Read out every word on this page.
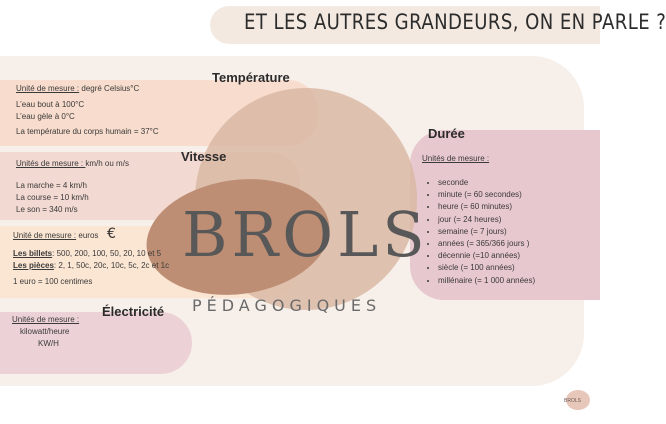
ET LES AUTRES GRANDEURS, ON EN PARLE ?
BROLS
PÉDAGOGIQUES
Température
Unité de mesure : degré Celsius°C
L’eau bout à 100°C
L’eau gèle à 0°C
La température du corps humain = 37°C
Vitesse
Unités de mesure : km/h ou m/s
La marche = 4 km/h
La course = 10 km/h
Le son = 340 m/s
Unité de mesure : euros €
Les billets: 500, 200, 100, 50, 20, 10 et 5
Les pièces: 2, 1, 50c, 20c, 10c, 5c, 2c et 1c
1 euro = 100 centimes
Électricité
Unités de mesure :
kilowatt/heure
KW/H
Durée
Unités de mesure :
• seconde
• minute (= 60 secondes)
• heure (= 60 minutes)
• jour (= 24 heures)
• semaine (= 7 jours)
• années (= 365/366 jours )
• décennie (=10 années)
• siècle (= 100 années)
• millénaire (= 1 000 années)
BROLS
